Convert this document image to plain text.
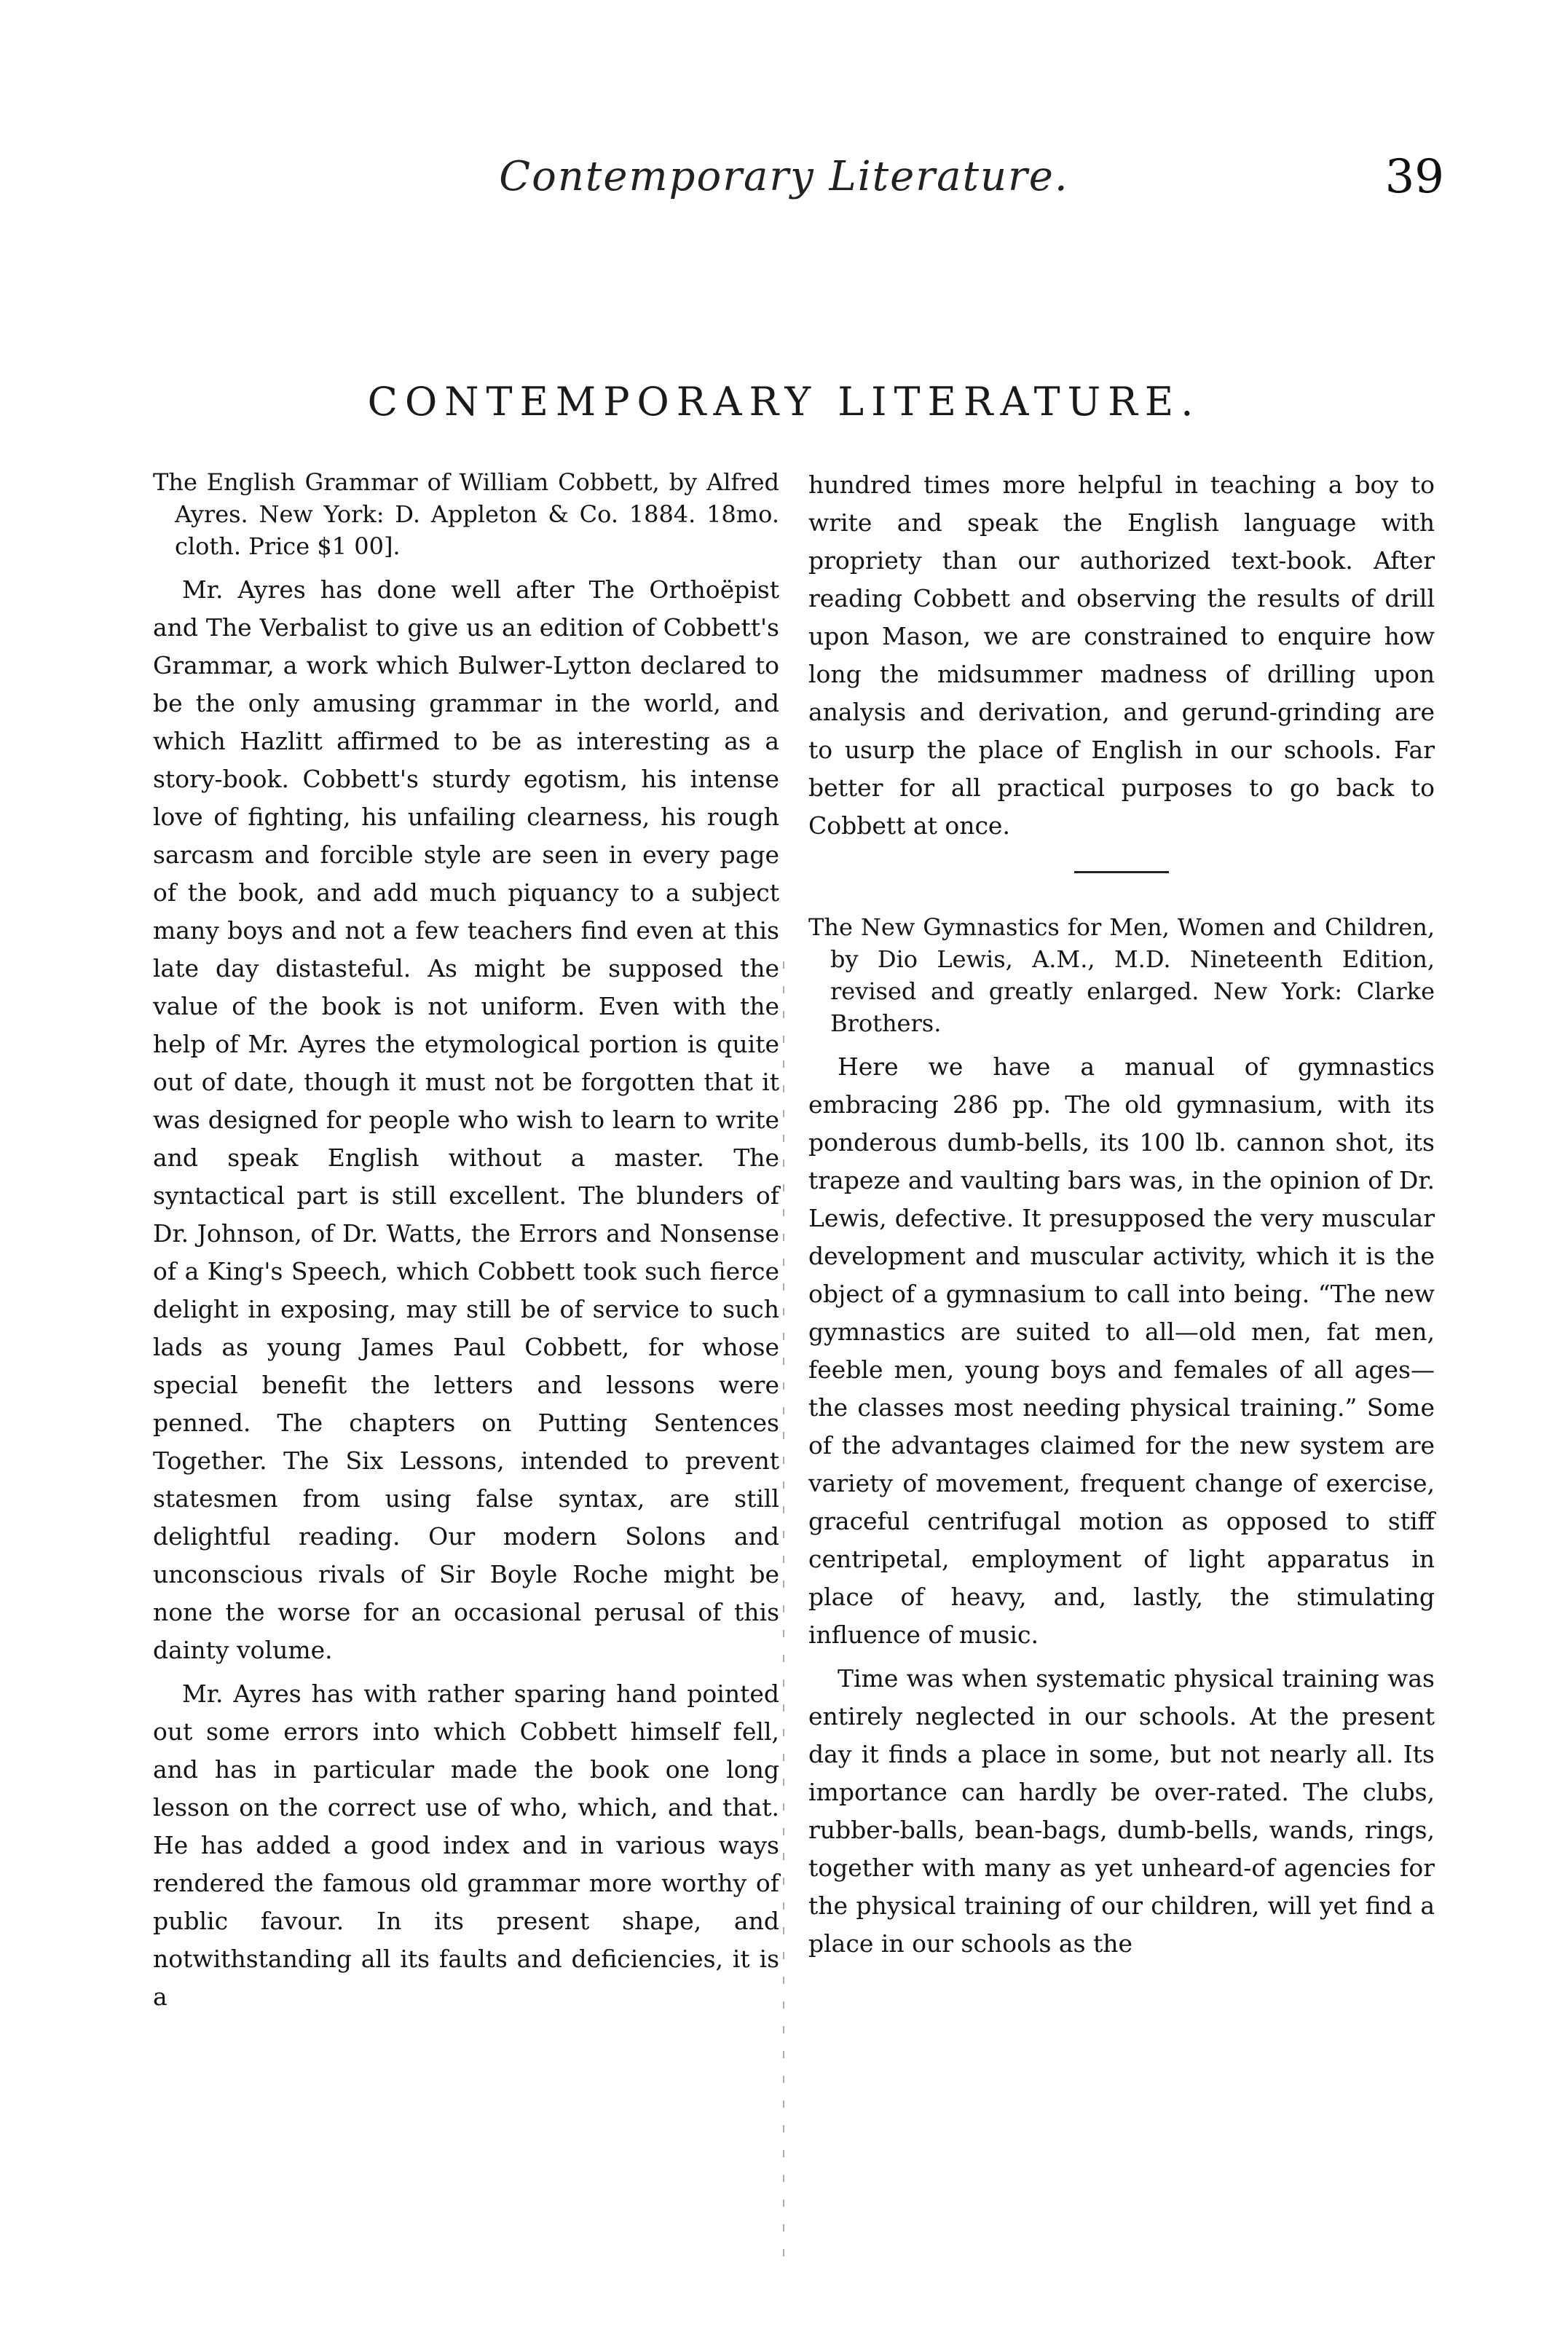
Contemporary Literature.	39
CONTEMPORARY LITERATURE.
The English Grammar of William Cobbett, by Alfred Ayres. New York: D. Appleton & Co. 1884. 18mo. cloth. Price $1 00].

Mr. Ayres has done well after The Orthoëpist and The Verbalist to give us an edition of Cobbett's Grammar, a work which Bulwer-Lytton declared to be the only amusing grammar in the world, and which Hazlitt affirmed to be as interesting as a story-book. Cobbett's sturdy egotism, his intense love of fighting, his unfailing clearness, his rough sarcasm and forcible style are seen in every page of the book, and add much piquancy to a subject many boys and not a few teachers find even at this late day distasteful. As might be supposed the value of the book is not uniform. Even with the help of Mr. Ayres the etymological portion is quite out of date, though it must not be forgotten that it was designed for people who wish to learn to write and speak English without a master. The syntactical part is still excellent. The blunders of Dr. Johnson, of Dr. Watts, the Errors and Nonsense of a King's Speech, which Cobbett took such fierce delight in exposing, may still be of service to such lads as young James Paul Cobbett, for whose special benefit the letters and lessons were penned. The chapters on Putting Sentences Together. The Six Lessons, intended to prevent statesmen from using false syntax, are still delightful reading. Our modern Solons and unconscious rivals of Sir Boyle Roche might be none the worse for an occasional perusal of this dainty volume.

Mr. Ayres has with rather sparing hand pointed out some errors into which Cobbett himself fell, and has in particular made the book one long lesson on the correct use of who, which, and that. He has added a good index and in various ways rendered the famous old grammar more worthy of public favour. In its present shape, and notwithstanding all its faults and deficiencies, it is a

hundred times more helpful in teaching a boy to write and speak the English language with propriety than our authorized text-book. After reading Cobbett and observing the results of drill upon Mason, we are constrained to enquire how long the midsummer madness of drilling upon analysis and derivation, and gerund-grinding are to usurp the place of English in our schools. Far better for all practical purposes to go back to Cobbett at once.

The New Gymnastics for Men, Women and Children, by Dio Lewis, A.M., M.D. Nineteenth Edition, revised and greatly enlarged. New York: Clarke Brothers.

Here we have a manual of gymnastics embracing 286 pp. The old gymnasium, with its ponderous dumb-bells, its 100 lb. cannon shot, its trapeze and vaulting bars was, in the opinion of Dr. Lewis, defective. It presupposed the very muscular development and muscular activity, which it is the object of a gymnasium to call into being. “The new gymnastics are suited to all—old men, fat men, feeble men, young boys and females of all ages—the classes most needing physical training.” Some of the advantages claimed for the new system are variety of movement, frequent change of exercise, graceful centrifugal motion as opposed to stiff centripetal, employment of light apparatus in place of heavy, and, lastly, the stimulating influence of music.

Time was when systematic physical training was entirely neglected in our schools. At the present day it finds a place in some, but not nearly all. Its importance can hardly be over-rated. The clubs, rubber-balls, bean-bags, dumb-bells, wands, rings, together with many as yet unheard-of agencies for the physical training of our children, will yet find a place in our schools as the
